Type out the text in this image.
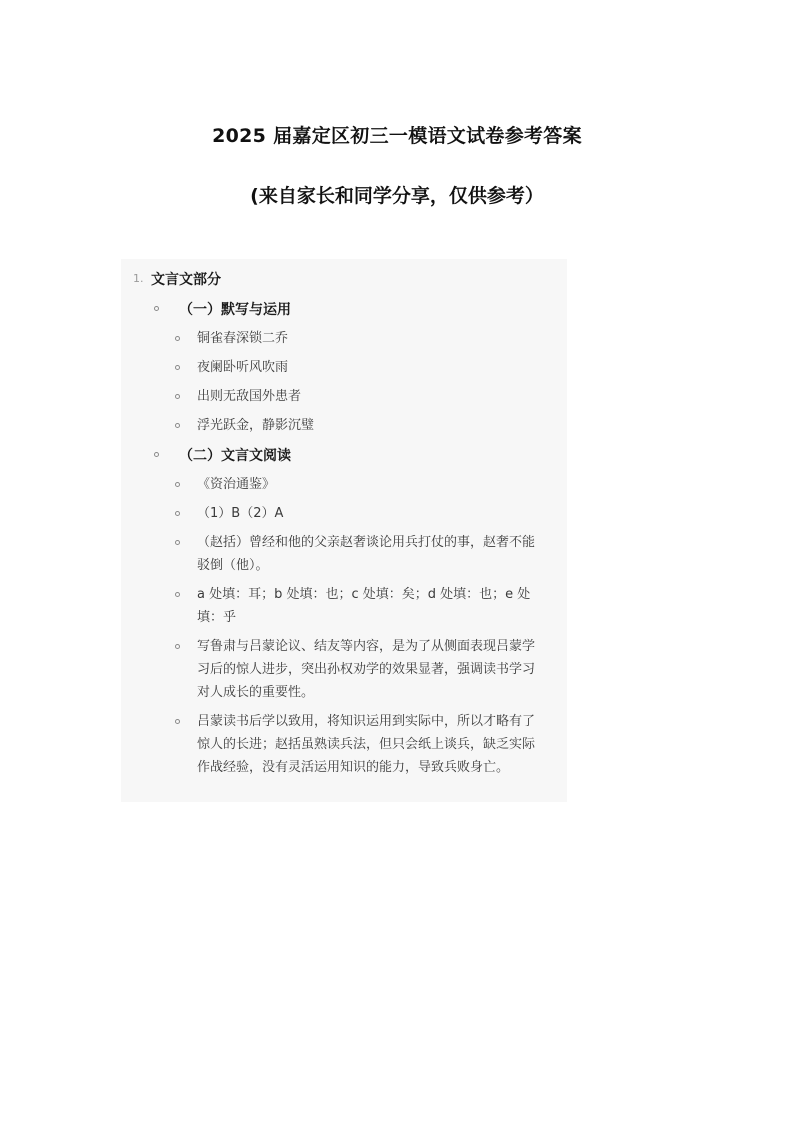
2025 届嘉定区初三一模语文试卷参考答案
(来自家长和同学分享，仅供参考）
1. 文言文部分
（一）默写与运用
铜雀春深锁二乔
夜阑卧听风吹雨
出则无敌国外患者
浮光跃金，静影沉璧
（二）文言文阅读
《资治通鉴》
（1）B（2）A
（赵括）曾经和他的父亲赵奢谈论用兵打仗的事，赵奢不能驳倒（他）。
a 处填：耳；b 处填：也；c 处填：矣；d 处填：也；e 处填：乎
写鲁肃与吕蒙论议、结友等内容，是为了从侧面表现吕蒙学习后的惊人进步，突出孙权劝学的效果显著，强调读书学习对人成长的重要性。
吕蒙读书后学以致用，将知识运用到实际中，所以才略有了惊人的长进；赵括虽熟读兵法，但只会纸上谈兵，缺乏实际作战经验，没有灵活运用知识的能力，导致兵败身亡。
